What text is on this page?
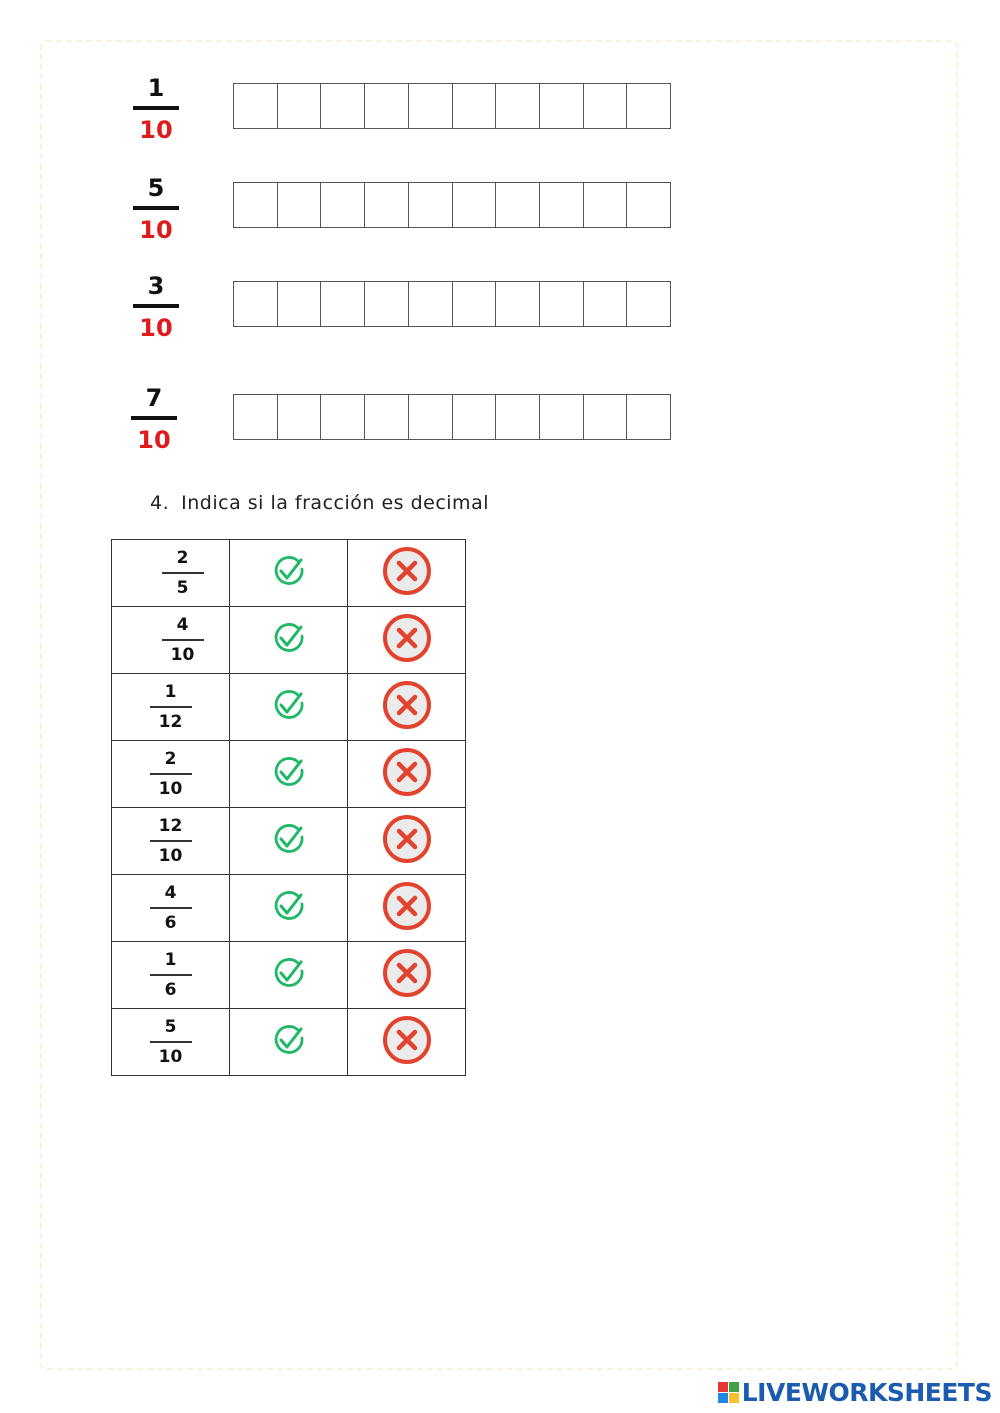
1
10
5
10
3
10
7
10
4. Indica si la fracción es decimal
$\frac{2}{5}$		
$\frac{4}{10}$		
$\frac{1}{12}$		
$\frac{2}{10}$		
$\frac{12}{10}$		
$\frac{4}{6}$		
$\frac{1}{6}$		
$\frac{5}{10}$		
LIVEWORKSHEETS
